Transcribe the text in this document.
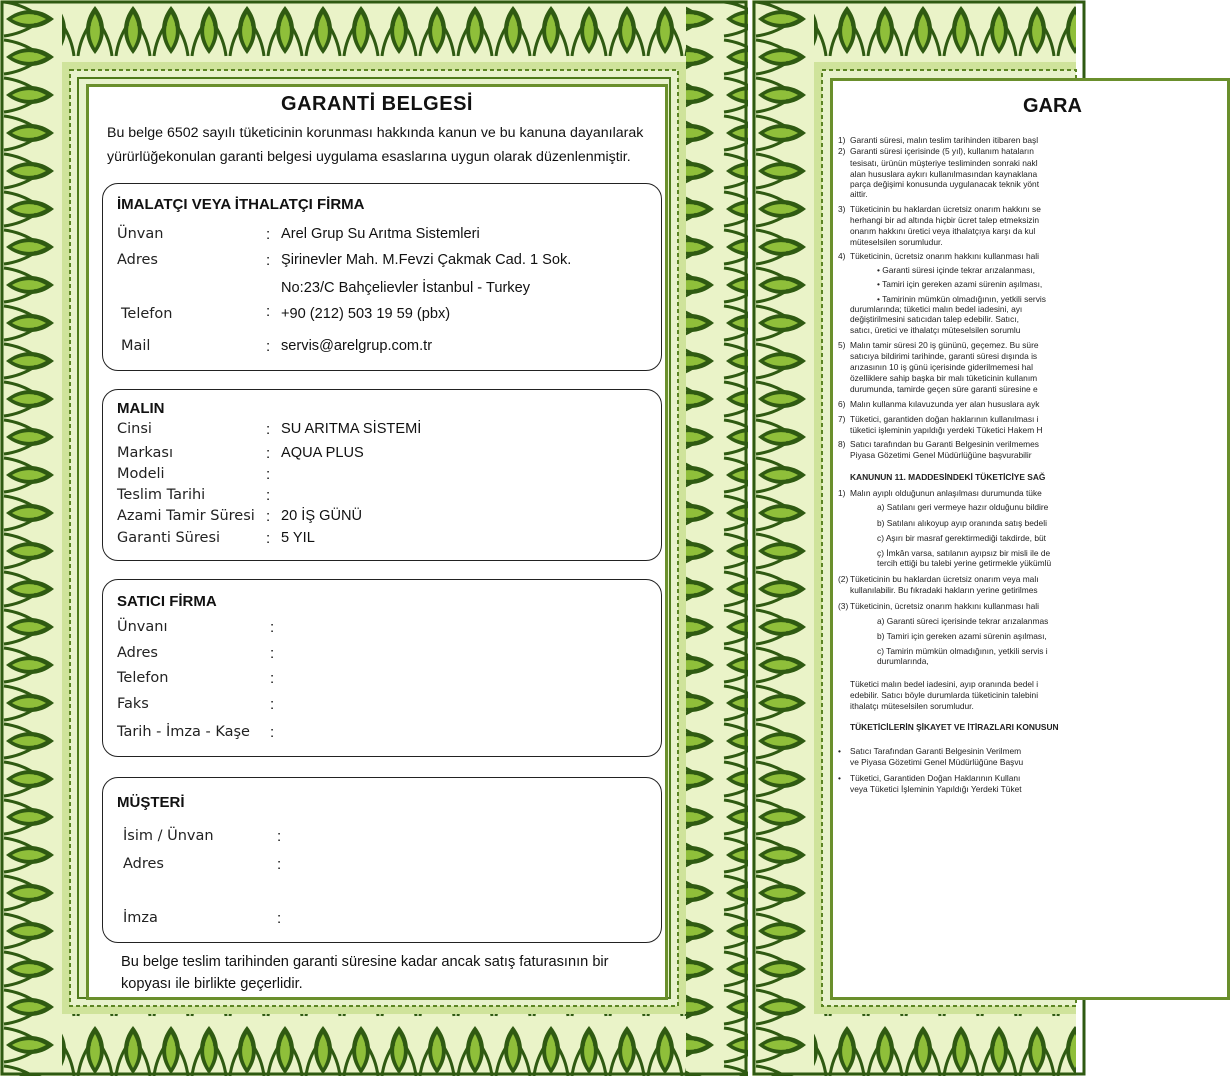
GARANTİ BELGESİ
Bu belge 6502 sayılı tüketicinin korunması hakkında kanun ve bu kanuna dayanılarak yürürlüğekonulan garanti belgesi uygulama esaslarına uygun olarak düzenlenmiştir.
İMALATÇI VEYA İTHALATÇI FİRMA
Ünvan	: Arel Grup Su Arıtma Sistemleri
Adres	: Şirinevler Mah. M.Fevzi Çakmak Cad. 1 Sok.
No:23/C Bahçelievler İstanbul - Turkey
Telefon	: +90 (212) 503 19 59 (pbx)
Mail	: servis@arelgrup.com.tr
MALIN
Cinsi	: SU ARITMA SİSTEMİ
Markası	: AQUA PLUS
Modeli	:
Teslim Tarihi	:
Azami Tamir Süresi : 20 İŞ GÜNÜ
Garanti Süresi	: 5 YIL
SATICI FİRMA
Ünvanı	:
Adres	:
Telefon	:
Faks	:
Tarih - İmza - Kaşe :
MÜŞTERİ
İsim / Ünvan	:
Adres	:
İmza	:
Bu belge teslim tarihinden garanti süresine kadar ancak satış faturasının bir kopyası ile birlikte geçerlidir.
GARA
1) Garanti süresi, malın teslim tarihinden itibaren başl
2) Garanti süresi içerisinde (5 yıl), kullanım hataların
tesisatı, ürünün müşteriye tesliminden sonraki nakl
alan hususlara aykırı kullanılmasından kaynaklana
parça değişimi konusunda uygulanacak teknik yönt
aittir.
3) Tüketicinin bu haklardan ücretsiz onarım hakkını se
herhangi bir ad altında hiçbir ücret talep etmeksizin
onarım hakkını üretici veya ithalatçıya karşı da kul
müteselsilen sorumludur.
4) Tüketicinin, ücretsiz onarım hakkını kullanması hali
• Garanti süresi içinde tekrar arızalanması,
• Tamiri için gereken azami sürenin aşılması,
• Tamirinin mümkün olmadığının, yetkili servis
durumlarında; tüketici malın bedel iadesini, ayı
değiştirilmesini satıcıdan talep edebilir. Satıcı,
satıcı, üretici ve ithalatçı müteselsilen sorumlu
5) Malın tamir süresi 20 iş gününü, geçemez. Bu süre
satıcıya bildirimi tarihinde, garanti süresi dışında is
arızasının 10 iş günü içerisinde giderilmemesi hal
özelliklere sahip başka bir malı tüketicinin kullanım
durumunda, tamirde geçen süre garanti süresine e
6) Malın kullanma kılavuzunda yer alan hususlara ayk
7) Tüketici, garantiden doğan haklarının kullanılması i
tüketici işleminin yapıldığı yerdeki Tüketici Hakem H
8) Satıcı tarafından bu Garanti Belgesinin verilmemes
Piyasa Gözetimi Genel Müdürlüğüne başvurabilir
KANUNUN 11. MADDESİNDEKİ TÜKETİCİYE SAĞ
1) Malın ayıplı olduğunun anlaşılması durumunda tüke
a) Satılanı geri vermeye hazır olduğunu bildire
b) Satılanı alıkoyup ayıp oranında satış bedeli
c) Aşırı bir masraf gerektirmediği takdirde, büt
ç) İmkân varsa, satılanın ayıpsız bir misli ile de
tercih ettiği bu talebi yerine getirmekle yükümlü
(2) Tüketicinin bu haklardan ücretsiz onarım veya malı
kullanılabilir. Bu fıkradaki hakların yerine getirilmes
(3) Tüketicinin, ücretsiz onarım hakkını kullanması hali
a) Garanti süreci içerisinde tekrar arızalanmas
b) Tamiri için gereken azami sürenin aşılması,
c) Tamirin mümkün olmadığının, yetkili servis i
durumlarında,
Tüketici malın bedel iadesini, ayıp oranında bedel i
edebilir. Satıcı böyle durumlarda tüketicinin talebini
ithalatçı müteselsilen sorumludur.
TÜKETİCİLERİN ŞİKAYET VE İTİRAZLARI KONUSUN
• Satıcı Tarafından Garanti Belgesinin Verilmem
ve Piyasa Gözetimi Genel Müdürlüğüne Başvu
• Tüketici, Garantiden Doğan Haklarının Kullanı
veya Tüketici İşleminin Yapıldığı Yerdeki Tüket
